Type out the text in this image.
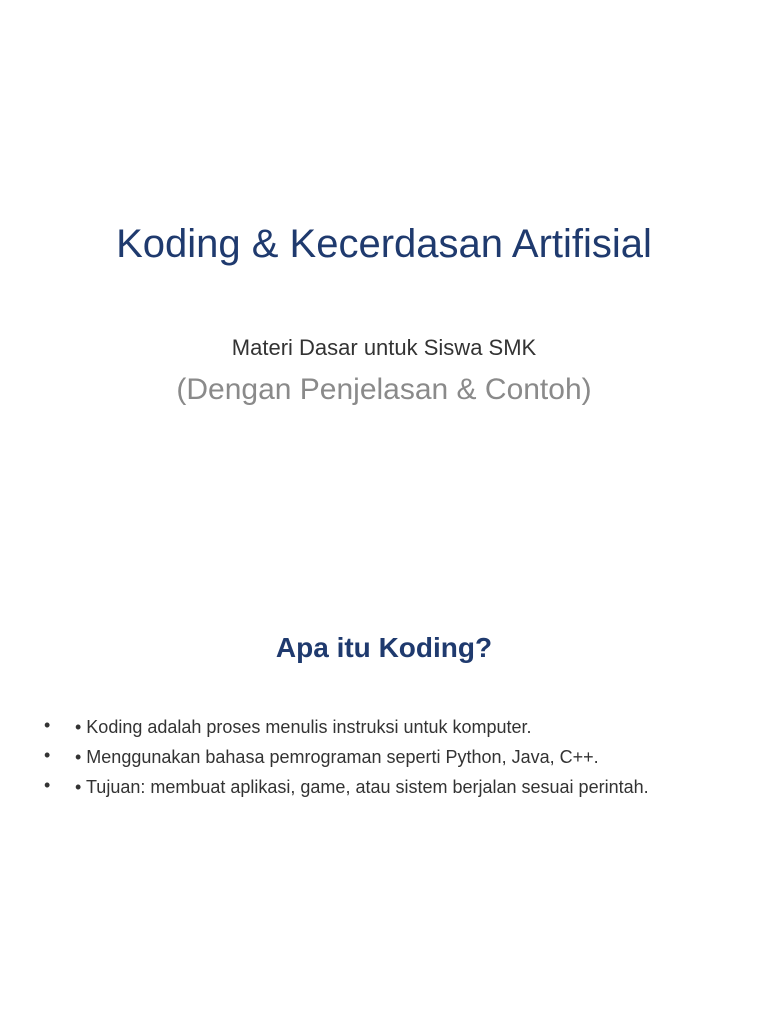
Koding & Kecerdasan Artifisial

Materi Dasar untuk Siswa SMK

(Dengan Penjelasan & Contoh)

Apa itu Koding?
• • Koding adalah proses menulis instruksi untuk komputer.
• • Menggunakan bahasa pemrograman seperti Python, Java, C++.
• • Tujuan: membuat aplikasi, game, atau sistem berjalan sesuai perintah.
